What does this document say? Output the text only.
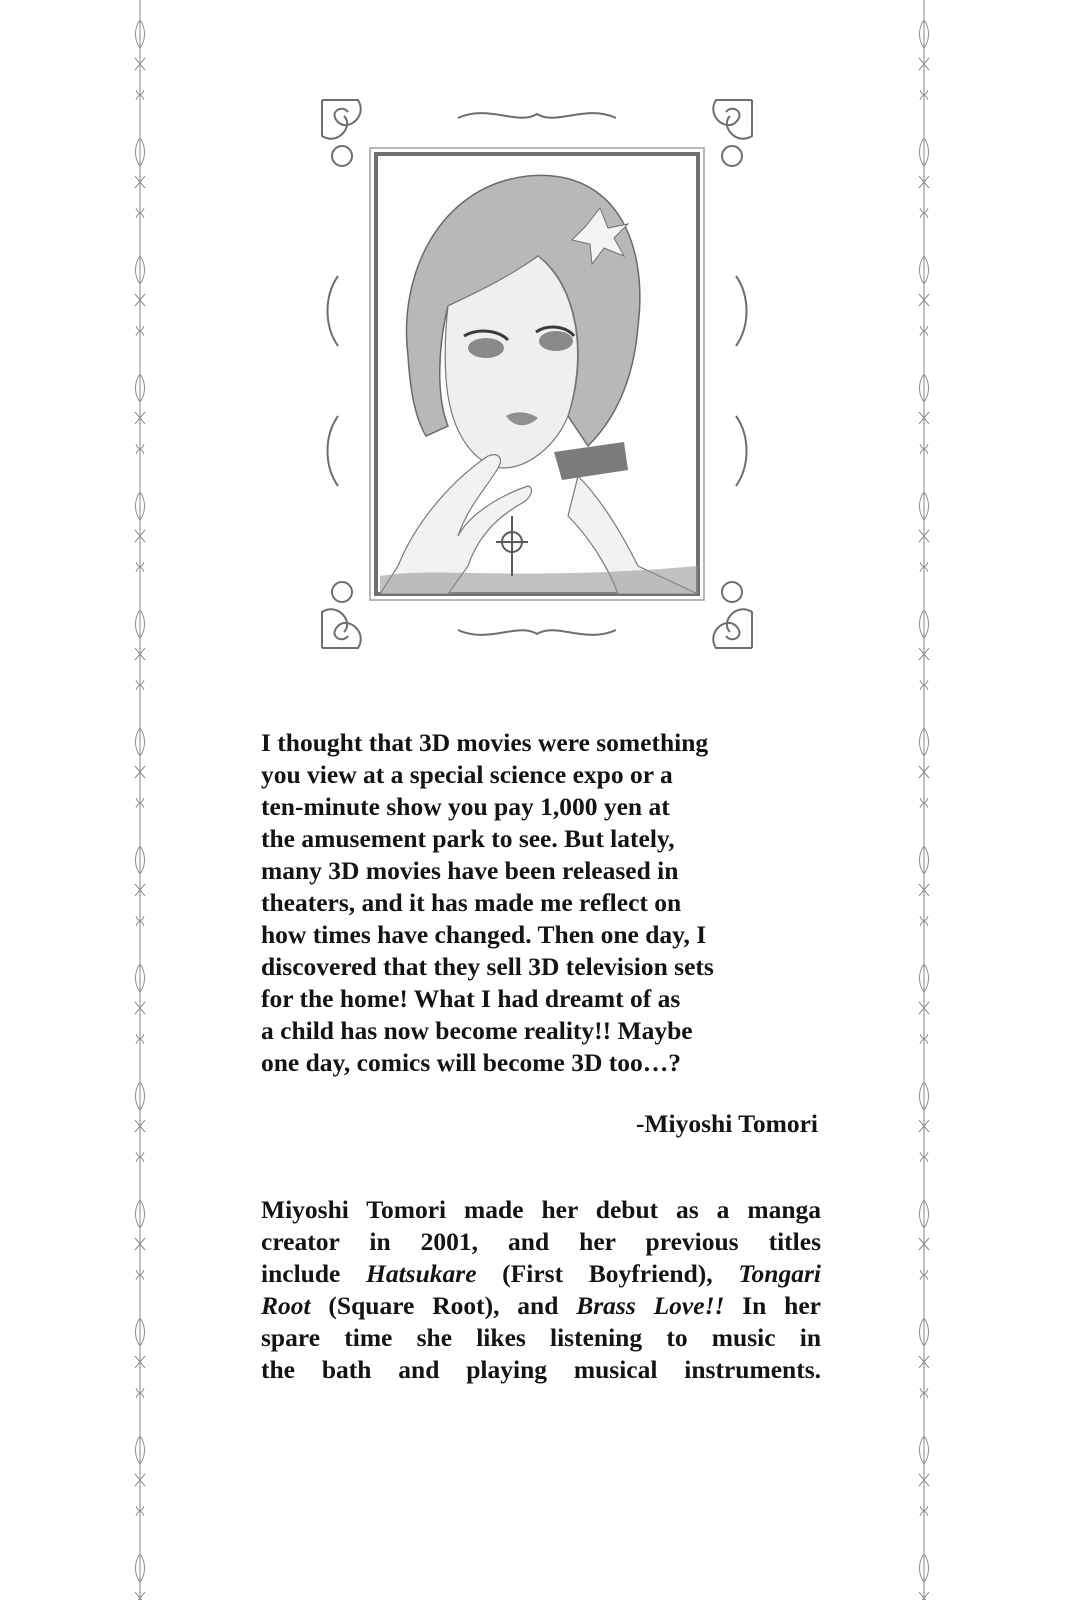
I thought that 3D movies were something
you view at a special science expo or a
ten-minute show you pay 1,000 yen at
the amusement park to see. But lately,
many 3D movies have been released in
theaters, and it has made me reflect on
how times have changed. Then one day, I
discovered that they sell 3D television sets
for the home! What I had dreamt of as
a child has now become reality!! Maybe
one day, comics will become 3D too…?

-Miyoshi Tomori

Miyoshi Tomori made her debut as a manga
creator in 2001, and her previous titles
include Hatsukare (First Boyfriend), Tongari
Root (Square Root), and Brass Love!! In her
spare time she likes listening to music in
the bath and playing musical instruments.
